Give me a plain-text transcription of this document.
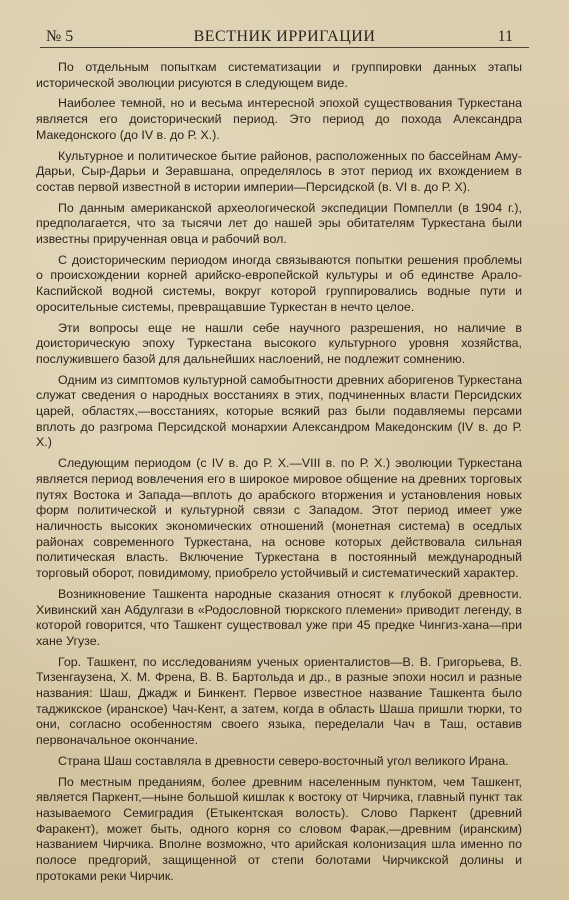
№ 5	ВЕСТНИК ИРРИГАЦИИ	11

По отдельным попыткам систематизации и группировки данных этапы исторической эволюции рисуются в следующем виде.

Наиболее темной, но и весьма интересной эпохой существования Туркестана является его доисторический период. Это период до похода Александра Македонского (до IV в. до Р. Х.).

Культурное и политическое бытие районов, расположенных по бассейнам Аму-Дарьи, Сыр-Дарьи и Зеравшана, определялось в этот период их вхождением в состав первой известной в истории империи—Персидской (в. VI в. до Р. Х).

По данным американской археологической экспедиции Помпелли (в 1904 г.), предполагается, что за тысячи лет до нашей эры обитателям Туркестана были известны прирученная овца и рабочий вол.

С доисторическим периодом иногда связываются попытки решения проблемы о происхождении корней арийско-европейской культуры и об единстве Арало-Каспийской водной системы, вокруг которой группировались водные пути и оросительные системы, превращавшие Туркестан в нечто целое.

Эти вопросы еще не нашли себе научного разрешения, но наличие в доисторическую эпоху Туркестана высокого культурного уровня хозяйства, послужившего базой для дальнейших наслоений, не подлежит сомнению.

Одним из симптомов культурной самобытности древних аборигенов Туркестана служат сведения о народных восстаниях в этих, подчиненных власти Персидских царей, областях,—восстаниях, которые всякий раз были подавляемы персами вплоть до разгрома Персидской монархии Александром Македонским (IV в. до Р. Х.)

Следующим периодом (с IV в. до Р. Х.—VIII в. по Р. Х.) эволюции Туркестана является период вовлечения его в широкое мировое общение на древних торговых путях Востока и Запада—вплоть до арабского вторжения и установления новых форм политической и культурной связи с Западом. Этот период имеет уже наличность высоких экономических отношений (монетная система) в оседлых районах современного Туркестана, на основе которых действовала сильная политическая власть. Включение Туркестана в постоянный международный торговый оборот, повидимому, приобрело устойчивый и систематический характер.

Возникновение Ташкента народные сказания относят к глубокой древности. Хивинский хан Абдулгази в «Родословной тюркского племени» приводит легенду, в которой говорится, что Ташкент существовал уже при 45 предке Чингиз-хана—при хане Угузе.

Гор. Ташкент, по исследованиям ученых ориенталистов—В. В. Григорьева, В. Тизенгаузена, Х. М. Френа, В. В. Бартольда и др., в разные эпохи носил и разные названия: Шаш, Джадж и Бинкент. Первое известное название Ташкента было таджикское (иранское) Чач-Кент, а затем, когда в область Шаша пришли тюрки, то они, согласно особенностям своего языка, переделали Чач в Таш, оставив первоначальное окончание.

Страна Шаш составляла в древности северо-восточный угол великого Ирана.

По местным преданиям, более древним населенным пунктом, чем Ташкент, является Паркент,—ныне большой кишлак к востоку от Чирчика, главный пункт так называемого Семиградия (Етыкентская волость). Слово Паркент (древний Фаракент), может быть, одного корня со словом Фарак,—древним (иранским) названием Чирчика. Вполне возможно, что арийская колонизация шла именно по полосе предгорий, защищенной от степи болотами Чирчикской долины и протоками реки Чирчик.
